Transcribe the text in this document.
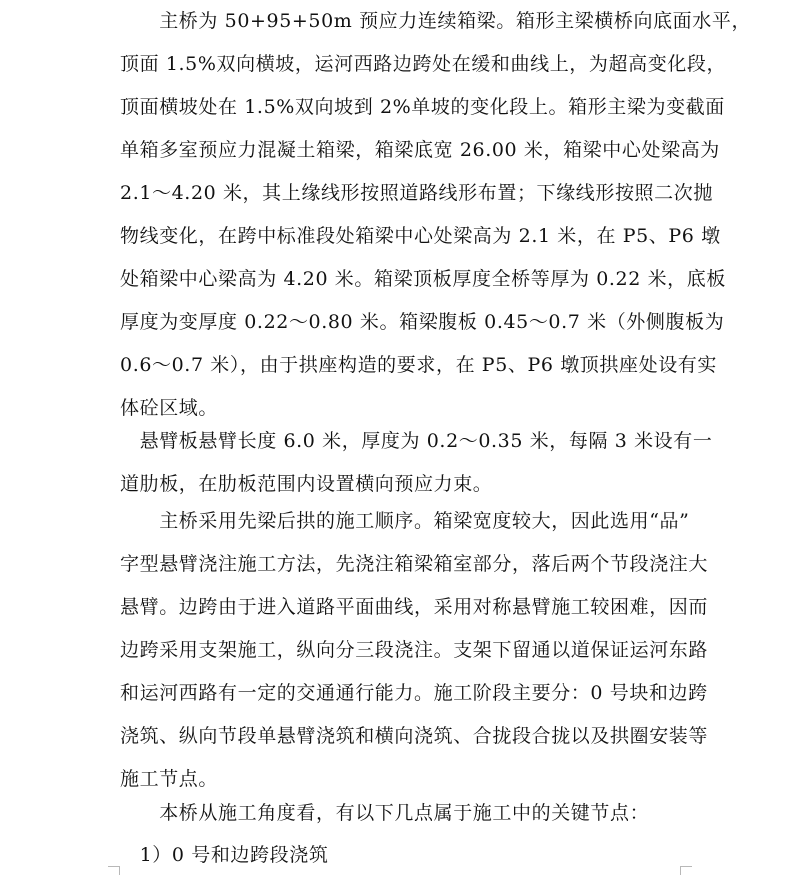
　　主桥为 50+95+50m 预应力连续箱梁。箱形主梁横桥向底面水平，
顶面 1.5%双向横坡，运河西路边跨处在缓和曲线上，为超高变化段，
顶面横坡处在 1.5%双向坡到 2%单坡的变化段上。箱形主梁为变截面
单箱多室预应力混凝土箱梁，箱梁底宽 26.00 米，箱梁中心处梁高为
2.1～4.20 米，其上缘线形按照道路线形布置；下缘线形按照二次抛
物线变化，在跨中标准段处箱梁中心处梁高为 2.1 米，在 P5、P6 墩
处箱梁中心梁高为 4.20 米。箱梁顶板厚度全桥等厚为 0.22 米，底板
厚度为变厚度 0.22～0.80 米。箱梁腹板 0.45～0.7 米（外侧腹板为
0.6～0.7 米），由于拱座构造的要求，在 P5、P6 墩顶拱座处设有实
体砼区域。
　悬臂板悬臂长度 6.0 米，厚度为 0.2～0.35 米，每隔 3 米设有一
道肋板，在肋板范围内设置横向预应力束。
　　主桥采用先梁后拱的施工顺序。箱梁宽度较大，因此选用“品”
字型悬臂浇注施工方法，先浇注箱梁箱室部分，落后两个节段浇注大
悬臂。边跨由于进入道路平面曲线，采用对称悬臂施工较困难，因而
边跨采用支架施工，纵向分三段浇注。支架下留通以道保证运河东路
和运河西路有一定的交通通行能力。施工阶段主要分：0 号块和边跨
浇筑、纵向节段单悬臂浇筑和横向浇筑、合拢段合拢以及拱圈安装等
施工节点。
　　本桥从施工角度看，有以下几点属于施工中的关键节点：
　1）0 号和边跨段浇筑
